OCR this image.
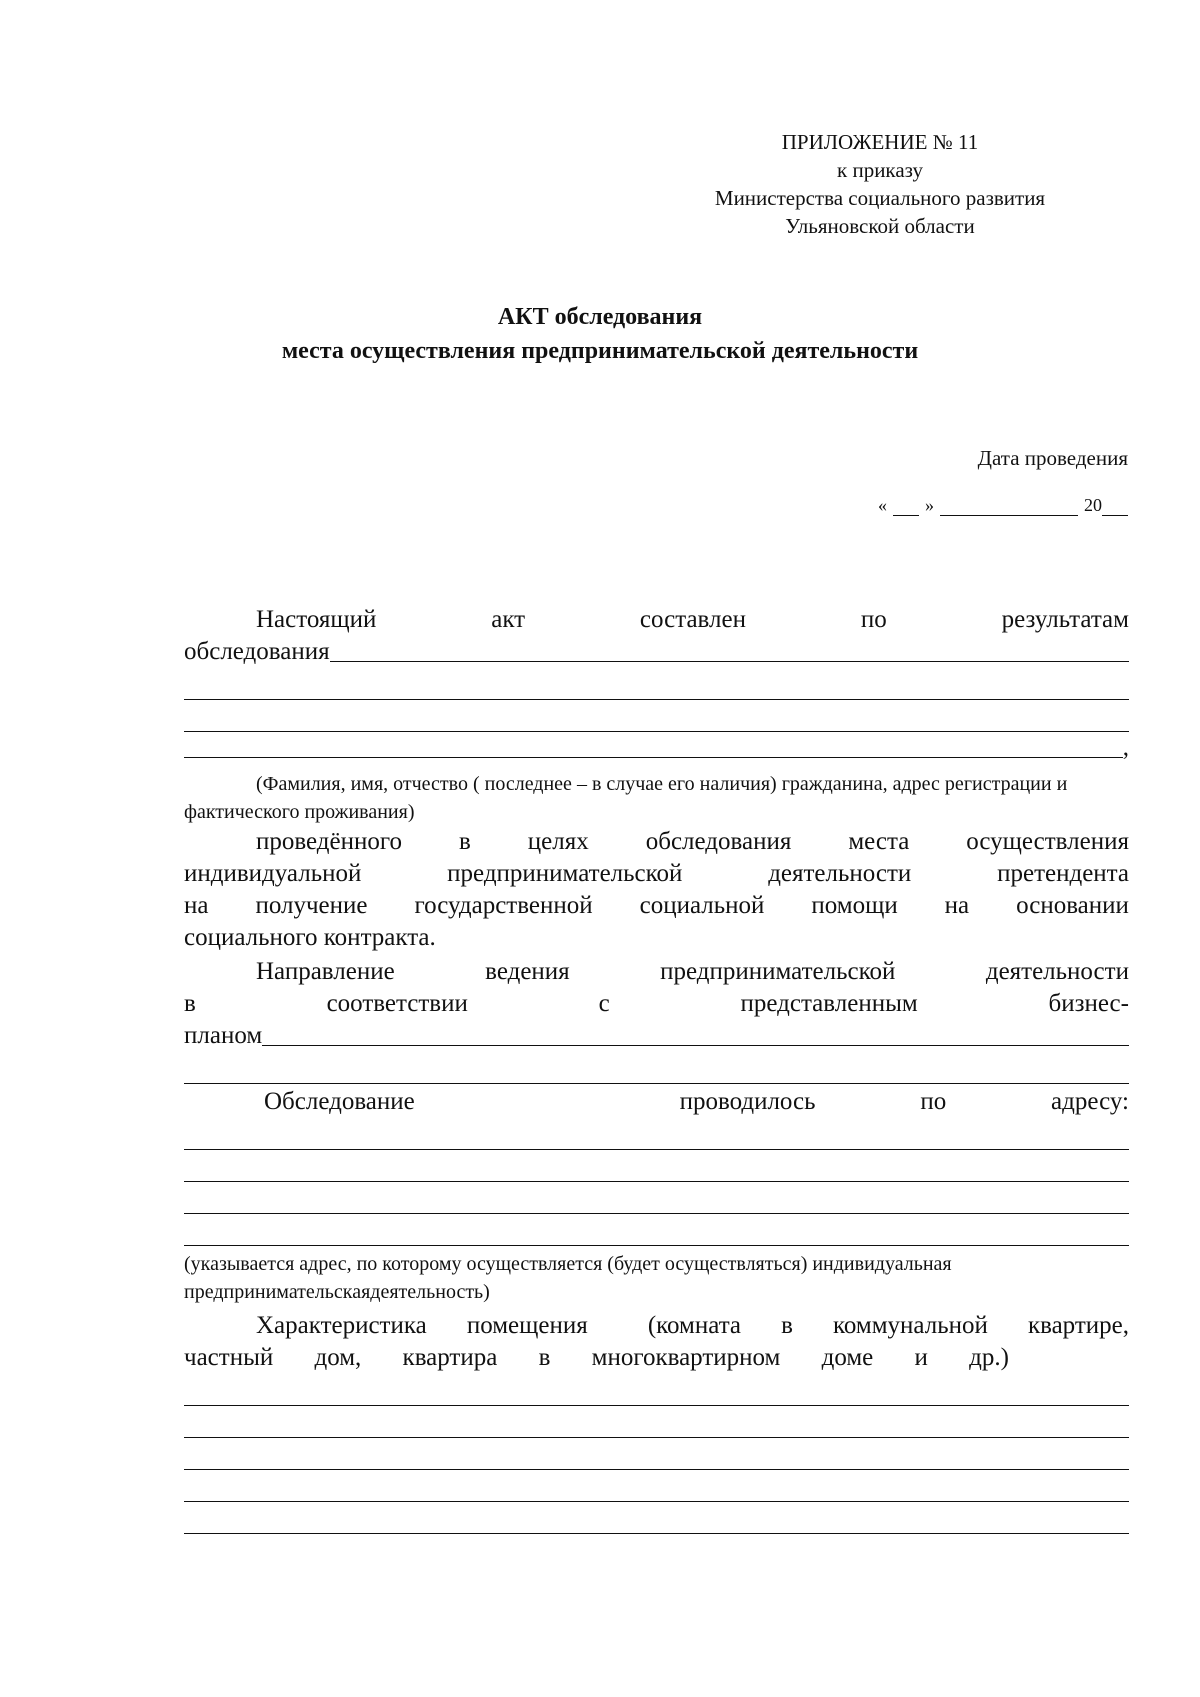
ПРИЛОЖЕНИЕ № 11
к приказу
Министерства социального развития
Ульяновской области
АКТ обследования
места осуществления предпринимательской деятельности
Дата проведения
« »	20
Настоящий	акт	составлен	по	результатам
обследования
,
(Фамилия, имя, отчество ( последнее – в случае его наличия) гражданина, адрес регистрации и фактического проживания)
проведённого в целях обследования места осуществления
индивидуальной	предпринимательской	деятельности	претендента
на получение государственной социальной помощи на основании
социального контракта.
Направление	ведения	предпринимательской	деятельности
в	соответствии	с	представленным	бизнес-
планом
Обследование	проводилось	по	адресу:
(указывается адрес, по которому осуществляется (будет осуществляться) индивидуальная предпринимательскаядеятельность)
Характеристика помещения	(комната в коммунальной квартире,
частный дом, квартира в многоквартирном доме и др.)
